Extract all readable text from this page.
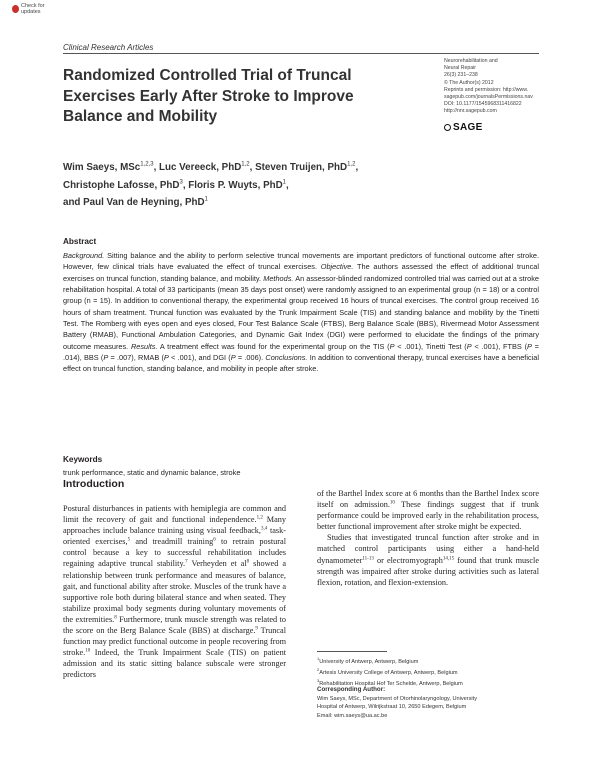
Check for updates
Clinical Research Articles
Randomized Controlled Trial of Truncal Exercises Early After Stroke to Improve Balance and Mobility
Neurorehabilitation and
Neural Repair
26(3) 231–238
© The Author(s) 2012
Reprints and permission: http://www.
sagepub.com/journalsPermissions.nav
DOI: 10.1177/1545968311416822
http://nnr.sagepub.com
SAGE
Wim Saeys, MSc$^{1,2,3}$, Luc Vereeck, PhD$^{1,2}$, Steven Truijen, PhD$^{1,2}$,
Christophe Lafosse, PhD$^3$, Floris P. Wuyts, PhD$^1$,
and Paul Van de Heyning, PhD$^1$
Abstract

Background. Sitting balance and the ability to perform selective truncal movements are important predictors of functional outcome after stroke. However, few clinical trials have evaluated the effect of truncal exercises. Objective. The authors assessed the effect of additional truncal exercises on truncal function, standing balance, and mobility. Methods. An assessor-blinded randomized controlled trial was carried out at a stroke rehabilitation hospital. A total of 33 participants (mean 35 days post onset) were randomly assigned to an experimental group (n = 18) or a control group (n = 15). In addition to conventional therapy, the experimental group received 16 hours of truncal exercises. The control group received 16 hours of sham treatment. Truncal function was evaluated by the Trunk Impairment Scale (TIS) and standing balance and mobility by the Tinetti Test. The Romberg with eyes open and eyes closed, Four Test Balance Scale (FTBS), Berg Balance Scale (BBS), Rivermead Motor Assessment Battery (RMAB), Functional Ambulation Categories, and Dynamic Gait Index (DGI) were performed to elucidate the findings of the primary outcome measures. Results. A treatment effect was found for the experimental group on the TIS (P < .001), Tinetti Test (P < .001), FTBS (P = .014), BBS (P = .007), RMAB (P < .001), and DGI (P = .006). Conclusions. In addition to conventional therapy, truncal exercises have a beneficial effect on truncal function, standing balance, and mobility in people after stroke.

Keywords
trunk performance, static and dynamic balance, stroke
Introduction

Postural disturbances in patients with hemiplegia are common and limit the recovery of gait and functional independence.$^{1,2}$ Many approaches include balance training using visual feedback,$^{3,4}$ task-oriented exercises,$^5$ and treadmill training$^6$ to retrain postural control because a key to successful rehabilitation includes regaining adaptive truncal stability.$^7$ Verheyden et $al^8$ showed a relationship between trunk performance and measures of balance, gait, and functional ability after stroke. Muscles of the trunk have a supportive role both during bilateral stance and when seated. They stabilize proximal body segments during voluntary movements of the extremities.$^8$ Furthermore, trunk muscle strength was related to the score on the Berg Balance Scale (BBS) at discharge.$^9$ Truncal function may predict functional outcome in people recovering from stroke.$^{10}$ Indeed, the Trunk Impairment Scale (TIS) on patient admission and its static sitting balance subscale were stronger predictors

of the Barthel Index score at 6 months than the Barthel Index score itself on admission.$^{10}$ These findings suggest that if trunk performance could be improved early in the rehabilitation process, better functional improvement after stroke might be expected.

Studies that investigated truncal function after stroke and in matched control participants using either a hand-held dynamometer$^{11-13}$ or electromyograph$^{14,15}$ found that trunk muscle strength was impaired after stroke during activities such as lateral flexion, rotation, and flexion-extension.

$^1$University of Antwerp, Antwerp, Belgium
$^2$Artesis University College of Antwerp, Antwerp, Belgium
$^3$Rehabilitation Hospital Hof Ter Schelde, Antwerp, Belgium
Corresponding Author:
Wim Saeys, MSc, Department of Otorhinolaryngology, University
Hospital of Antwerp, Wilrijkstraat 10, 2650 Edegem, Belgium
Email: wim.saeys@ua.ac.be
